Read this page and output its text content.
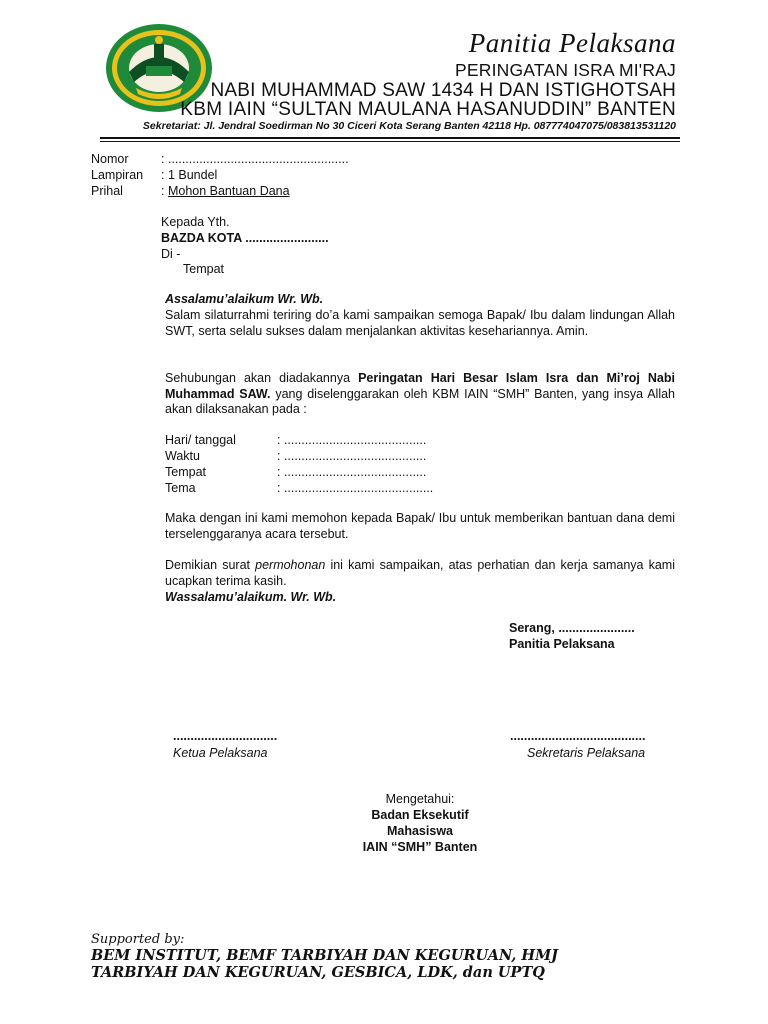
Panitia Pelaksana
PERINGATAN ISRA MI'RAJ
NABI MUHAMMAD SAW 1434 H DAN ISTIGHOTSAH
KBM IAIN “SULTAN MAULANA HASANUDDIN” BANTEN
Sekretariat: Jl. Jendral Soedirman No 30 Ciceri Kota Serang Banten 42118 Hp. 087774047075/083813531120
Nomor	: ....................................................
Lampiran	: 1 Bundel
Prihal	: Mohon Bantuan Dana
Kepada Yth.
BAZDA KOTA ........................
Di -
Tempat
Assalamu’alaikum Wr. Wb.

Salam silaturrahmi teriring do’a kami sampaikan semoga Bapak/ Ibu dalam lindungan Allah SWT, serta selalu sukses dalam menjalankan aktivitas kesehariannya. Amin.

Sehubungan akan diadakannya Peringatan Hari Besar Islam Isra dan Mi’roj Nabi Muhammad SAW. yang diselenggarakan oleh KBM IAIN “SMH” Banten, yang insya Allah akan dilaksanakan pada :

Hari/ tanggal	: .........................................
Waktu	: .........................................
Tempat	: .........................................
Tema	: ...........................................

Maka dengan ini kami memohon kepada Bapak/ Ibu untuk memberikan bantuan dana demi terselenggaranya acara tersebut.

Demikian surat permohonan ini kami sampaikan, atas perhatian dan kerja samanya kami ucapkan terima kasih.

Wassalamu’alaikum. Wr. Wb.
Serang, ......................
Panitia Pelaksana
..............................
Ketua Pelaksana
.......................................
Sekretaris Pelaksana
Mengetahui:
Badan Eksekutif
Mahasiswa
IAIN “SMH” Banten
Supported by:
BEM INSTITUT, BEMF TARBIYAH DAN KEGURUAN, HMJ
TARBIYAH DAN KEGURUAN, GESBICA, LDK, dan UPTQ
